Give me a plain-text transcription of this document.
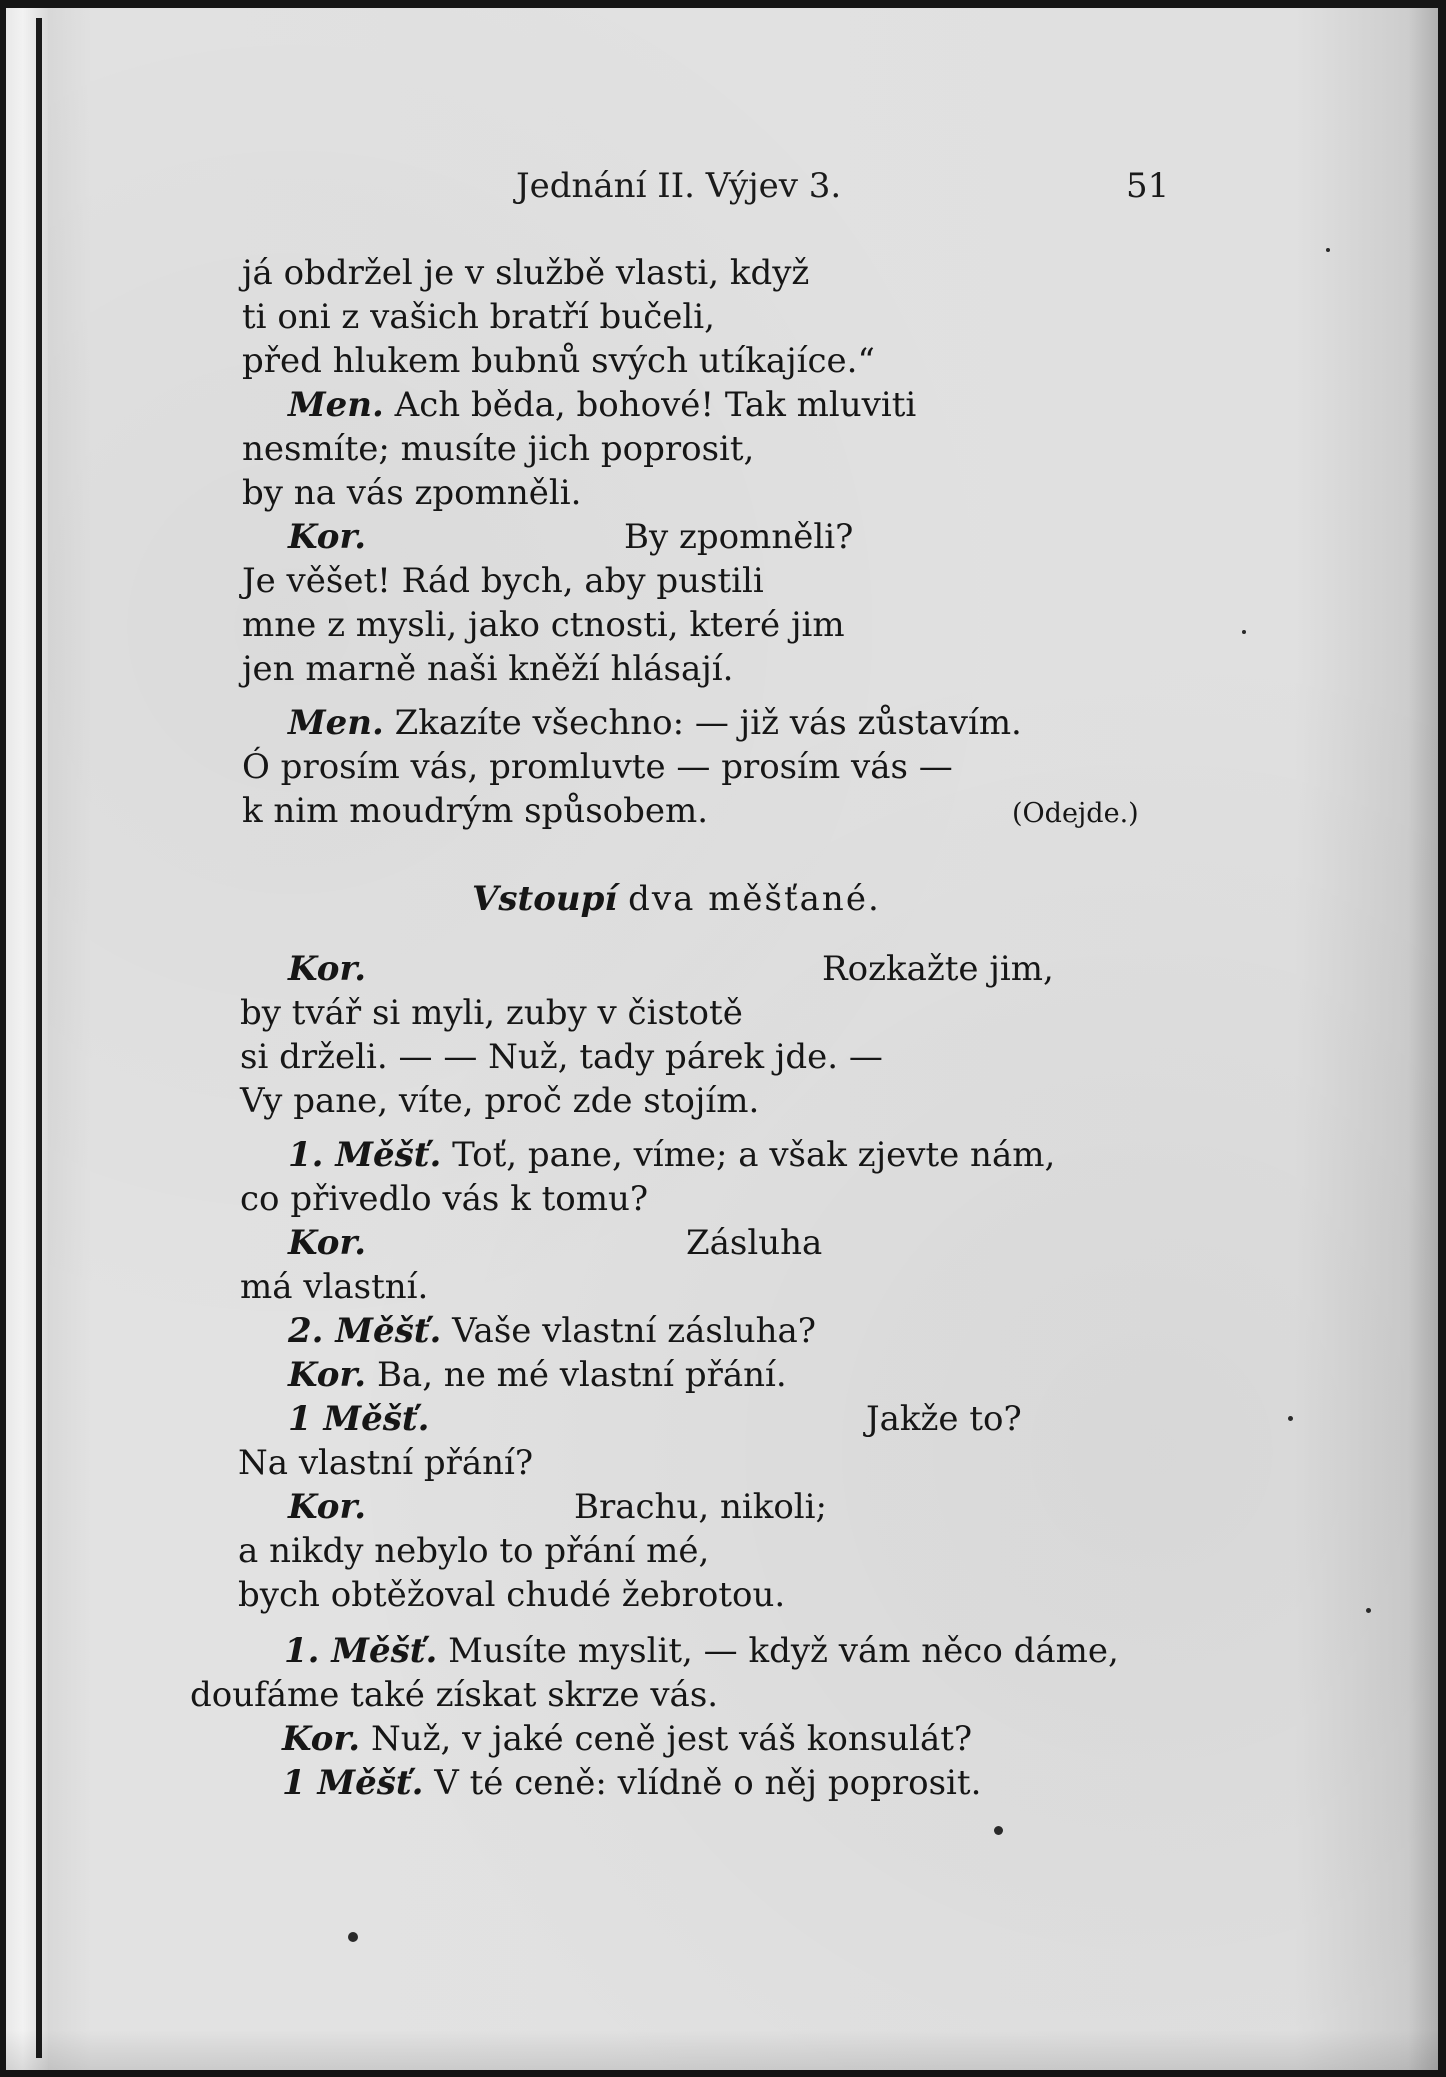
Jednání II. Výjev 3.	51
já obdržel je v službě vlasti, když
ti oni z vašich bratří bučeli,
před hlukem bubnů svých utíkajíce.“
Men. Ach běda, bohové! Tak mluviti
nesmíte; musíte jich poprosit,
by na vás zpomněli.
Kor.	By zpomněli?
Je věšet! Rád bych, aby pustili
mne z mysli, jako ctnosti, které jim
jen marně naši kněží hlásají.
Men. Zkazíte všechno: — již vás zůstavím.
Ó prosím vás, promluvte — prosím vás —
k nim moudrým spůsobem.	(Odejde.)
Vstoupí dva měšťané.
Kor.	Rozkažte jim,
by tvář si myli, zuby v čistotě
si drželi. — — Nuž, tady párek jde. —
Vy pane, víte, proč zde stojím.
1. Měšť. Toť, pane, víme; a však zjevte nám,
co přivedlo vás k tomu?
Kor.	Zásluha
má vlastní.
2. Měšť. Vaše vlastní zásluha?
Kor. Ba, ne mé vlastní přání.
1 Měšť.	Jakže to?
Na vlastní přání?
Kor.	Brachu, nikoli;
a nikdy nebylo to přání mé,
bych obtěžoval chudé žebrotou.
1. Měšť. Musíte myslit, — když vám něco dáme,
doufáme také získat skrze vás.
Kor. Nuž, v jaké ceně jest váš konsulát?
1 Měšť. V té ceně: vlídně o něj poprosit.
